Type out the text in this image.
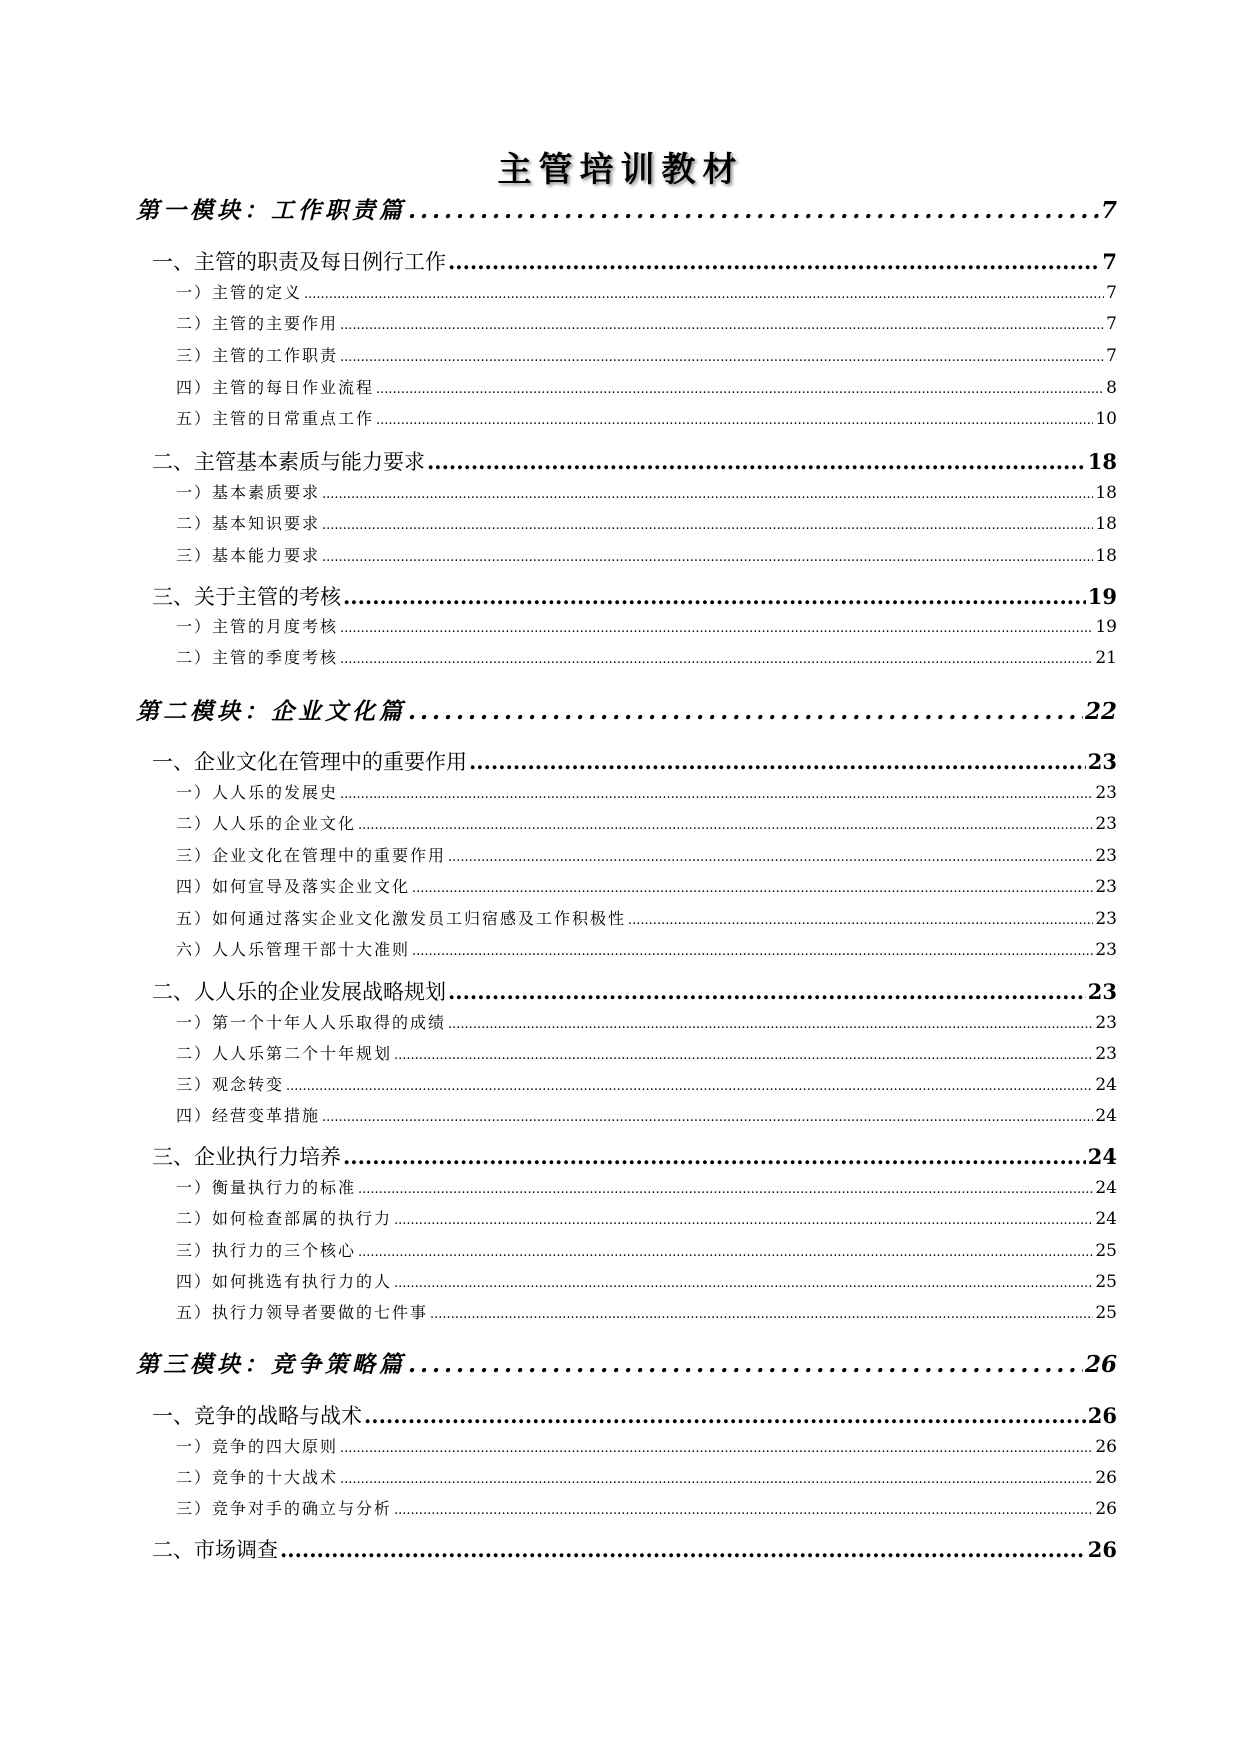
主管培训教材
第一模块：工作职责篇 .....	7
一、主管的职责及每日例行工作 .....	7
一）主管的定义 .....	7
二）主管的主要作用 .....	7
三）主管的工作职责 .....	7
四）主管的每日作业流程 .....	8
五）主管的日常重点工作 .....	10
二、主管基本素质与能力要求 .....	18
一）基本素质要求 .....	18
二）基本知识要求 .....	18
三）基本能力要求 .....	18
三、关于主管的考核 .....	19
一）主管的月度考核 .....	19
二）主管的季度考核 .....	21
第二模块：企业文化篇 .....	22
一、企业文化在管理中的重要作用 .....	23
一）人人乐的发展史 .....	23
二）人人乐的企业文化 .....	23
三）企业文化在管理中的重要作用 .....	23
四）如何宣导及落实企业文化 .....	23
五）如何通过落实企业文化激发员工归宿感及工作积极性 .....	23
六）人人乐管理干部十大准则 .....	23
二、人人乐的企业发展战略规划 .....	23
一）第一个十年人人乐取得的成绩 .....	23
二）人人乐第二个十年规划 .....	23
三）观念转变 .....	24
四）经营变革措施 .....	24
三、企业执行力培养 .....	24
一）衡量执行力的标准 .....	24
二）如何检查部属的执行力 .....	24
三）执行力的三个核心 .....	25
四）如何挑选有执行力的人 .....	25
五）执行力领导者要做的七件事 .....	25
第三模块：竞争策略篇 .....	26
一、竞争的战略与战术 .....	26
一）竞争的四大原则 .....	26
二）竞争的十大战术 .....	26
三）竞争对手的确立与分析 .....	26
二、市场调查 .....	26
